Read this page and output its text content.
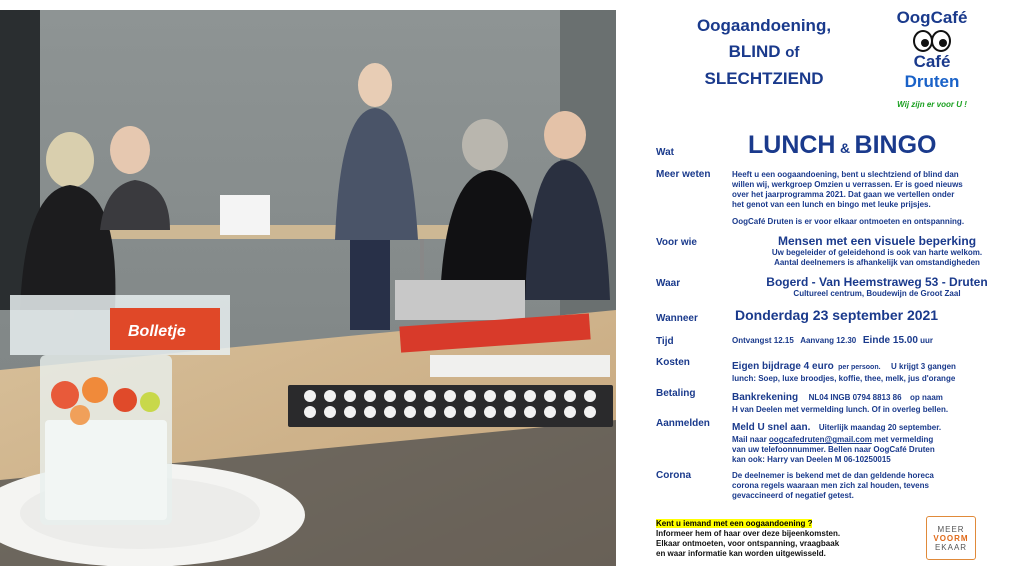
Bolletje
Oogaandoening,
BLIND of
SLECHTZIEND
OogCafé
Café
Druten
Wij zijn er voor U !
Wat	LUNCH & BINGO
Meer weten	Heeft u een oogaandoening, bent u slechtziend of blind dan
willen wij, werkgroep Omzien u verrassen. Er is goed nieuws
over het jaarprogramma 2021. Dat gaan we vertellen onder
het genot van een lunch en bingo met leuke prijsjes.
OogCafé Druten is er voor elkaar ontmoeten en ontspanning.
Voor wie	Mensen met een visuele beperking
Uw begeleider of geleidehond is ook van harte welkom.
Aantal deelnemers is afhankelijk van omstandigheden
Waar	Bogerd - Van Heemstraweg 53 - Druten
Cultureel centrum, Boudewijn de Groot Zaal
Wanneer	Donderdag 23 september 2021
Tijd	Ontvangst 12.15 Aanvang 12.30 Einde 15.00 uur
Kosten	Eigen bijdrage 4 euro per persoon. U krijgt 3 gangen
lunch: Soep, luxe broodjes, koffie, thee, melk, jus d'orange
Betaling	Bankrekening NL04 INGB 0794 8813 86 op naam
H van Deelen met vermelding lunch. Of in overleg bellen.
Aanmelden Meld U snel aan. Uiterlijk maandag 20 september.
Mail naar oogcafedruten@gmail.com met vermelding
van uw telefoonnummer. Bellen naar OogCafé Druten
kan ook: Harry van Deelen M 06-10250015
Corona	De deelnemer is bekend met de dan geldende horeca
corona regels waaraan men zich zal houden, tevens
gevaccineerd of negatief getest.
Kent u iemand met een oogaandoening ?
Informeer hem of haar over deze bijeenkomsten.
Elkaar ontmoeten, voor ontspanning, vraagbaak
en waar informatie kan worden uitgewisseld.
MEER
VOORM
EKAAR
